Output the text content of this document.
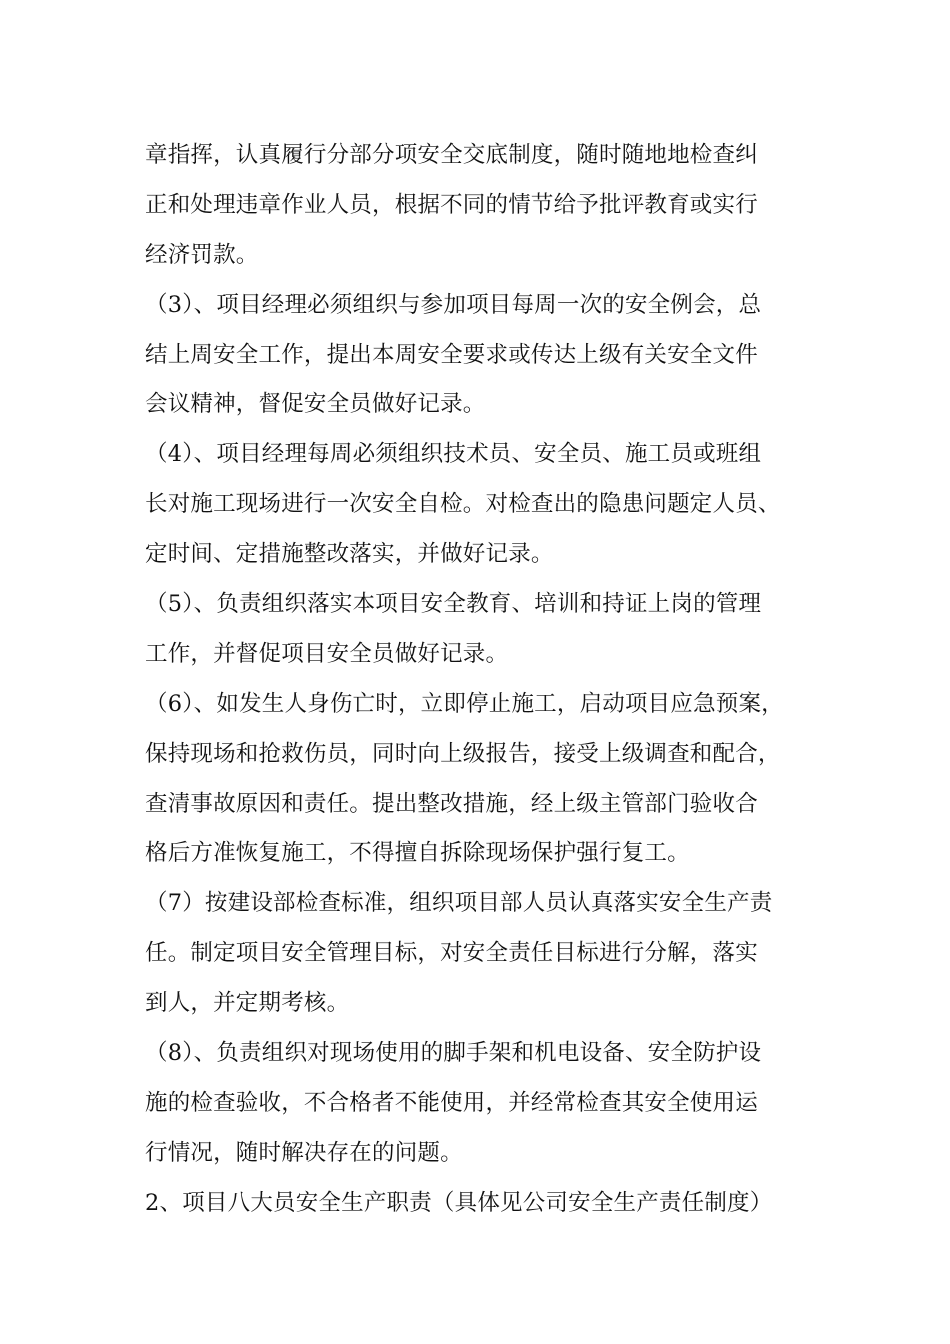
章指挥，认真履行分部分项安全交底制度，随时随地地检查纠
正和处理违章作业人员，根据不同的情节给予批评教育或实行
经济罚款。
（3）、项目经理必须组织与参加项目每周一次的安全例会，总
结上周安全工作，提出本周安全要求或传达上级有关安全文件
会议精神，督促安全员做好记录。
（4）、项目经理每周必须组织技术员、安全员、施工员或班组
长对施工现场进行一次安全自检。对检查出的隐患问题定人员、
定时间、定措施整改落实，并做好记录。
（5）、负责组织落实本项目安全教育、培训和持证上岗的管理
工作，并督促项目安全员做好记录。
（6）、如发生人身伤亡时，立即停止施工，启动项目应急预案，
保持现场和抢救伤员，同时向上级报告，接受上级调查和配合，
查清事故原因和责任。提出整改措施，经上级主管部门验收合
格后方准恢复施工，不得擅自拆除现场保护强行复工。
（7）按建设部检查标准，组织项目部人员认真落实安全生产责
任。制定项目安全管理目标，对安全责任目标进行分解，落实
到人，并定期考核。
（8）、负责组织对现场使用的脚手架和机电设备、安全防护设
施的检查验收，不合格者不能使用，并经常检查其安全使用运
行情况，随时解决存在的问题。
2、项目八大员安全生产职责（具体见公司安全生产责任制度）
